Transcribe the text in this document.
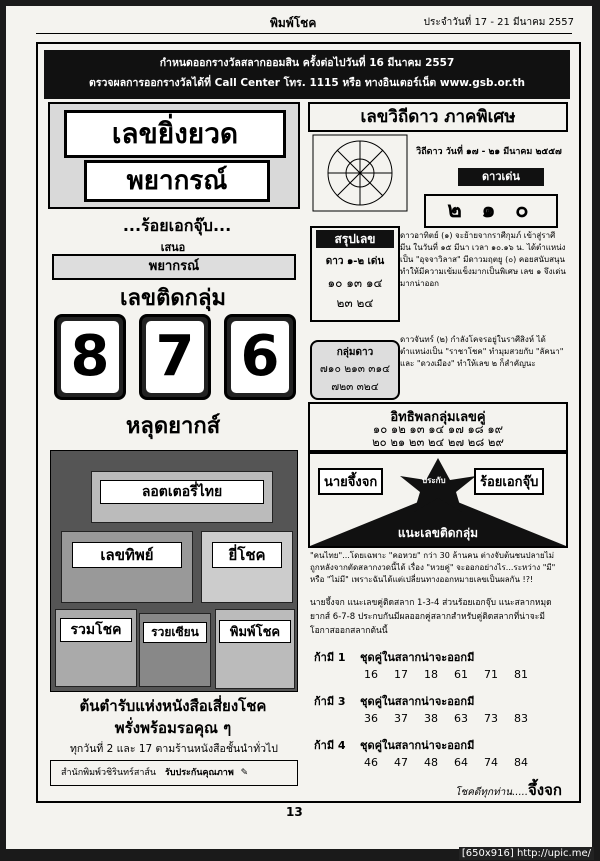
พิมพ์โชค	ประจำวันที่ 17 - 21 มีนาคม 2557
กำหนดออกรางวัลสลากออมสิน ครั้งต่อไปวันที่ 16 มีนาคม 2557
ตรวจผลการออกรางวัลได้ที่ Call Center โทร. 1115 หรือ ทางอินเตอร์เน็ต www.gsb.or.th
เลขยิ่งยวด
พยากรณ์
...ร้อยเอกจุ๊บ...
เสนอ
พยากรณ์
เลขติดกลุ่ม
8 7 6
หลุดยากส์
ลอตเตอรี่ไทย
เลขทิพย์	ยี่โชค
รวมโชค	รวยเซียน	พิมพ์โชค
ต้นตำรับแห่งหนังสือเสี่ยงโชค
พรั่งพร้อมรอคุณ ๆ
ทุกวันที่ 2 และ 17 ตามร้านหนังสือชั้นนำทั่วไป
สำนักพิมพ์วชิรินทร์สาส์น รับประกันคุณภาพ ✎
เลขวิถีดาว ภาคพิเศษ
วิถีดาว วันที่ ๑๗ - ๒๑ มีนาคม ๒๕๕๗
ดาวเด่น
๒ ๑ ๐
สรุปเลข
ดาว ๑-๒ เด่น
๑๐ ๑๓ ๑๔
๒๓ ๒๔
ดาวอาทิตย์ (๑) จะย้ายจากราศีกุมภ์ เข้าสู่ราศี มีน ในวันที่ ๑๕ มีนา เวลา ๑๐.๑๖ น. ได้ตำแหน่งเป็น "อุจจาวิลาส" มีดาวมฤตยู (๐) คอยสนับสนุนทำให้มีความเข้มแข็งมากเป็นพิเศษ เลข ๑ จึงเด่นมากน่าออก
กลุ่มดาว
๗๑๐ ๒๑๓ ๓๑๔
๗๒๓ ๓๒๔
ดาวจันทร์ (๒) กำลังโคจรอยู่ในราศีสิงห์ ได้ตำแหน่งเป็น "ราชาโชค" ทำมุมสวยกับ "ลัคนา" และ "ดวงเมือง" ทำให้เลข ๒ ก็สำคัญนะ
อิทธิพลกลุ่มเลขคู่
๑๐ ๑๒ ๑๓ ๑๔ ๑๗ ๑๘ ๑๙
๒๐ ๒๑ ๒๓ ๒๔ ๒๗ ๒๘ ๒๙
นายจึ้งจก	ประกับ	ร้อยเอกจุ๊บ
แนะเลขติดกลุ่ม
"คนไทย"...โดยเฉพาะ "คอหวย" กว่า 30 ล้านคน ต่างจับต้นชนปลายไม่ถูกหลังจากตัดสลากงวดนี้ได้ เรื่อง "หวยคู่" จะออกอย่างไร...ระหว่าง "มี" หรือ "ไม่มี" เพราะฉันได้แต่เปลี่ยนทางออกหมายเลขเป็นผลกัน !?!
นายจึ้งจก แนะเลขคู่ติดสลาก 1-3-4 ส่วนร้อยเอกจุ๊บ แนะสลากหมุดยากส์ 6-7-8 ประกบกันมีผลออกคู่สลากสำหรับคู่ติดสลากที่น่าจะมีโอกาสออกสลากต้นนี้
ก้ามี 1 ชุดคู่ในสลากน่าจะออกมี
16 17 18 61 71 81
ก้ามี 3 ชุดคู่ในสลากน่าจะออกมี
36 37 38 63 73 83
ก้ามี 4 ชุดคู่ในสลากน่าจะออกมี
46 47 48 64 74 84
โชคดีทุกท่าน.....จึ้งจก
13
[650x916] http://upic.me/
